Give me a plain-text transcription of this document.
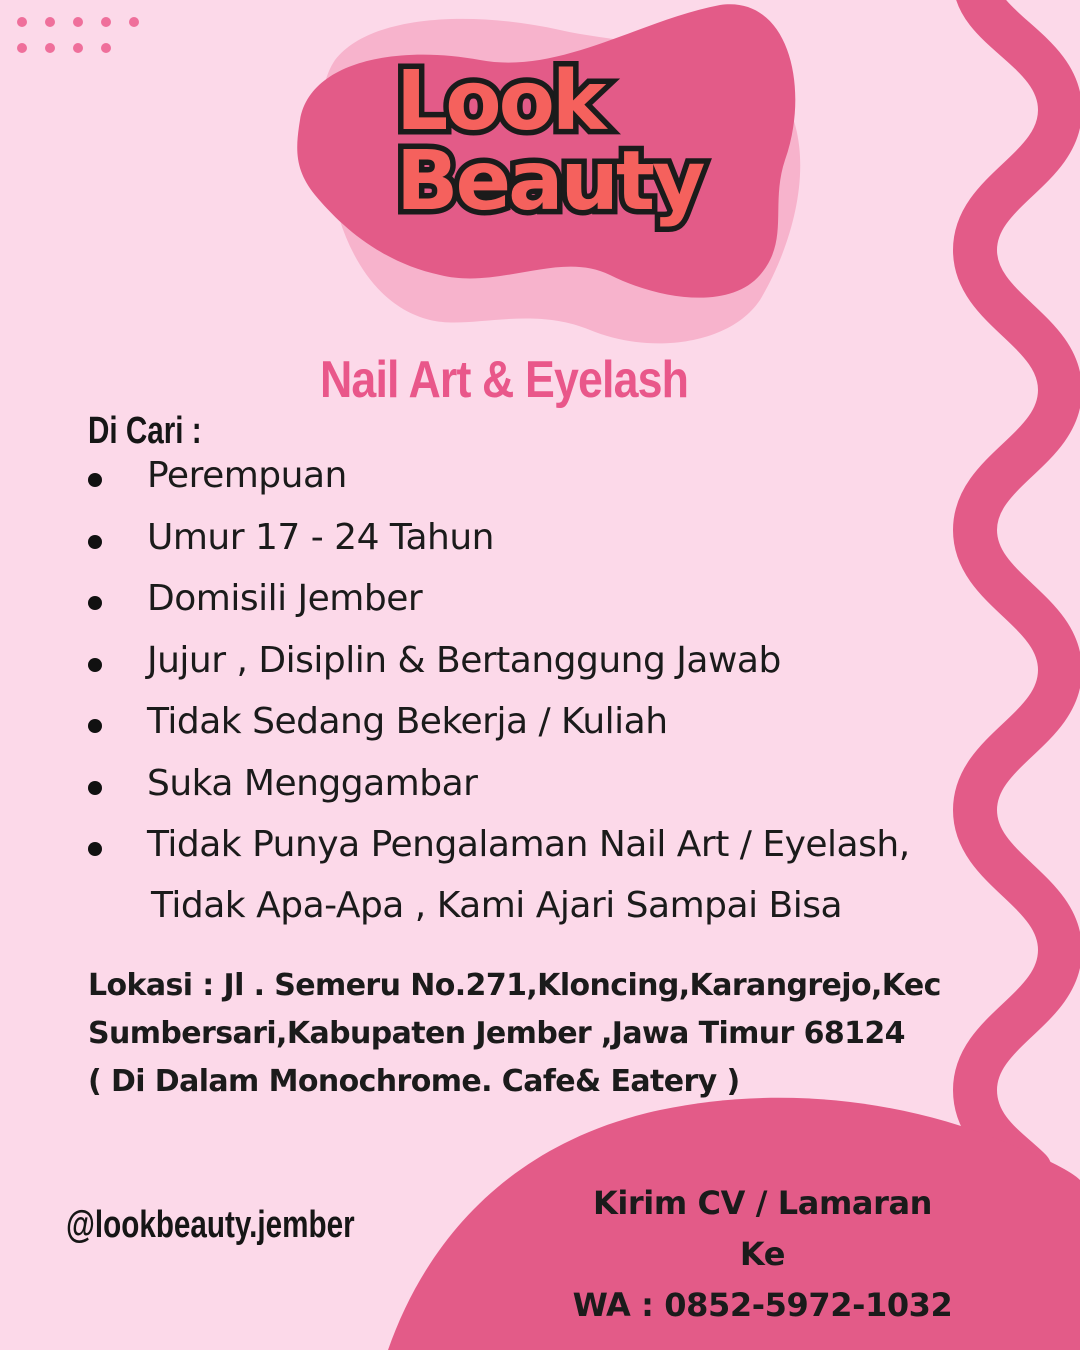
Look
Beauty
Nail Art & Eyelash
Di Cari :
Perempuan
Umur 17 - 24 Tahun
Domisili Jember
Jujur , Disiplin & Bertanggung Jawab
Tidak Sedang Bekerja / Kuliah
Suka Menggambar
Tidak Punya Pengalaman Nail Art / Eyelash,
Tidak Apa-Apa , Kami Ajari Sampai Bisa
Lokasi : Jl . Semeru No.271,Kloncing,Karangrejo,Kec
Sumbersari,Kabupaten Jember ,Jawa Timur 68124
( Di Dalam Monochrome. Cafe& Eatery )
@lookbeauty.jember
Kirim CV / Lamaran
Ke
WA : 0852-5972-1032
